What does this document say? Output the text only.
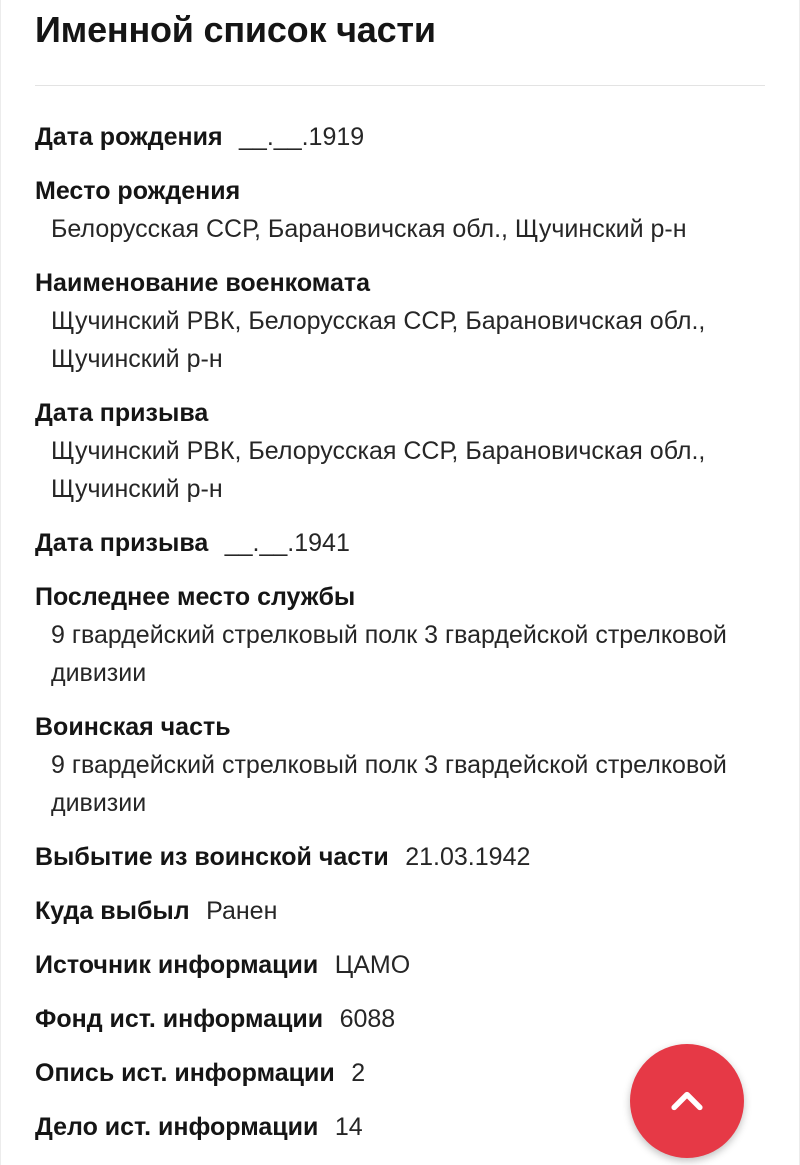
Именной список части
Дата рождения __.__.1919
Место рождения
Белорусская ССР, Барановичская обл., Щучинский р-н
Наименование военкомата
Щучинский РВК, Белорусская ССР, Барановичская обл., Щучинский р-н
Дата призыва
Щучинский РВК, Белорусская ССР, Барановичская обл., Щучинский р-н
Дата призыва __.__.1941
Последнее место службы
9 гвардейский стрелковый полк 3 гвардейской стрелковой дивизии
Воинская часть
9 гвардейский стрелковый полк 3 гвардейской стрелковой дивизии
Выбытие из воинской части 21.03.1942
Куда выбыл Ранен
Источник информации ЦАМО
Фонд ист. информации 6088
Опись ист. информации 2
Дело ист. информации 14
